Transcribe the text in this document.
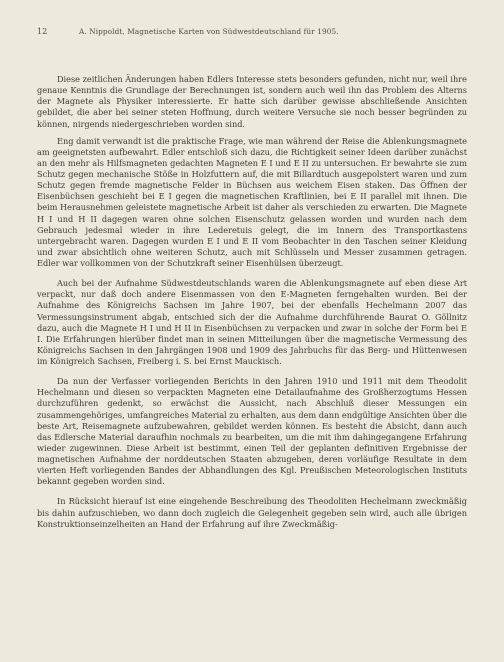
12	A. Nippoldt, Magnetische Karten von Südwestdeutschland für 1905.

Diese zeitlichen Änderungen haben Edlers Interesse stets besonders gefunden, nicht nur, weil ihre genaue Kenntnis die Grundlage der Berechnungen ist, sondern auch weil ihn das Problem des Alterns der Magnete als Physiker interessierte. Er hatte sich darüber gewisse abschließende Ansichten gebildet, die aber bei seiner steten Hoffnung, durch weitere Versuche sie noch besser begründen zu können, nirgends niedergeschrieben worden sind.

Eng damit verwandt ist die praktische Frage, wie man während der Reise die Ablenkungsmagnete am geeignetsten aufbewahrt. Edler entschloß sich dazu, die Richtigkeit seiner Ideen darüber zunächst an den mehr als Hilfsmagneten gedachten Magneten E I und E II zu untersuchen. Er bewahrte sie zum Schutz gegen mechanische Stöße in Holzfuttern auf, die mit Billardtuch ausgepolstert waren und zum Schutz gegen fremde magnetische Felder in Büchsen aus weichem Eisen staken. Das Öffnen der Eisenbüchsen geschieht bei E I gegen die magnetischen Kraftlinien, bei E II parallel mit ihnen. Die beim Herausnehmen geleistete magnetische Arbeit ist daher als verschieden zu erwarten. Die Magnete H I und H II dagegen waren ohne solchen Eisenschutz gelassen worden und wurden nach dem Gebrauch jedesmal wieder in ihre Lederetuis gelegt, die im Innern des Transportkastens untergebracht waren. Dagegen wurden E I und E II vom Beobachter in den Taschen seiner Kleidung und zwar absichtlich ohne weiteren Schutz, auch mit Schlüsseln und Messer zusammen getragen. Edler war vollkommen von der Schutzkraft seiner Eisenhülsen überzeugt.

Auch bei der Aufnahme Südwestdeutschlands waren die Ablenkungsmagnete auf eben diese Art verpackt, nur daß doch andere Eisenmassen von den E-Magneten ferngehalten wurden. Bei der Aufnahme des Königreichs Sachsen im Jahre 1907, bei der ebenfalls Hechelmann 2007 das Vermessungsinstrument abgab, entschied sich der die Aufnahme durchführende Baurat O. Göllnitz dazu, auch die Magnete H I und H II in Eisenbüchsen zu verpacken und zwar in solche der Form bei E I. Die Erfahrungen hierüber findet man in seinen Mitteilungen über die magnetische Vermessung des Königreichs Sachsen in den Jahrgängen 1908 und 1909 des Jahrbuchs für das Berg- und Hüttenwesen im Königreich Sachsen, Freiberg i. S. bei Ernst Mauckisch.

Da nun der Verfasser vorliegenden Berichts in den Jahren 1910 und 1911 mit dem Theodolit Hechelmann und diesen so verpackten Magneten eine Detailaufnahme des Großherzogtums Hessen durchzuführen gedenkt, so erwächst die Aussicht, nach Abschluß dieser Messungen ein zusammengehöriges, umfangreiches Material zu erhalten, aus dem dann endgültige Ansichten über die beste Art, Reisemagnete aufzubewahren, gebildet werden können. Es besteht die Absicht, dann auch das Edlersche Material daraufhin nochmals zu bearbeiten, um die mit ihm dahingegangene Erfahrung wieder zugewinnen. Diese Arbeit ist bestimmt, einen Teil der geplanten definitiven Ergebnisse der magnetischen Aufnahme der norddeutschen Staaten abzugeben, deren vorläufige Resultate in dem vierten Heft vorliegenden Bandes der Abhandlungen des Kgl. Preußischen Meteorologischen Instituts bekannt gegeben worden sind.

In Rücksicht hierauf ist eine eingehende Beschreibung des Theodoliten Hechelmann zweckmäßig bis dahin aufzuschieben, wo dann doch zugleich die Gelegenheit gegeben sein wird, auch alle übrigen Konstruktionseinzelheiten an Hand der Erfahrung auf ihre Zweckmäßig-
